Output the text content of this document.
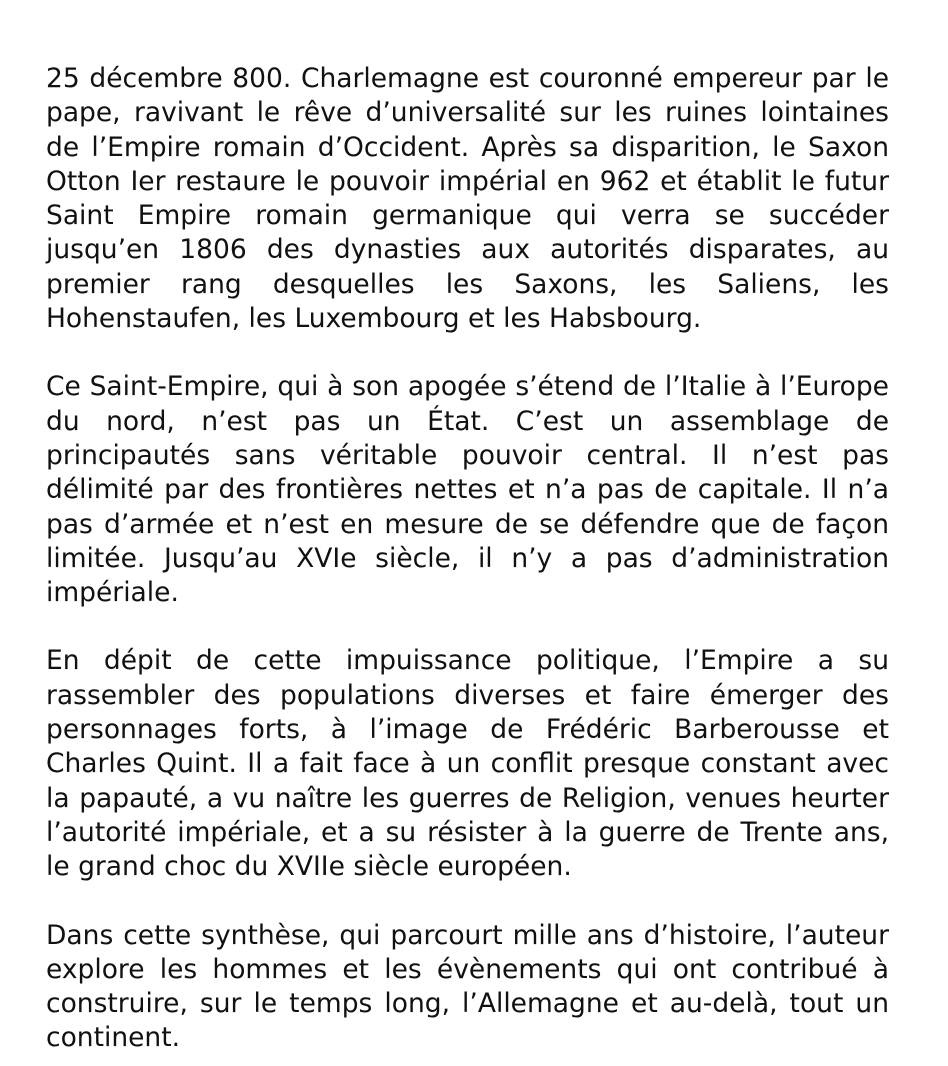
25 décembre 800. Charlemagne est couronné empereur par le pape, ravivant le rêve d’universalité sur les ruines lointaines de l’Empire romain d’Occident. Après sa disparition, le Saxon Otton Ier restaure le pouvoir impérial en 962 et établit le futur Saint Empire romain germanique qui verra se succéder jusqu’en 1806 des dynasties aux autorités disparates, au premier rang desquelles les Saxons, les Saliens, les Hohenstaufen, les Luxembourg et les Habsbourg.

Ce Saint-Empire, qui à son apogée s’étend de l’Italie à l’Europe du nord, n’est pas un État. C’est un assemblage de principautés sans véritable pouvoir central. Il n’est pas délimité par des frontières nettes et n’a pas de capitale. Il n’a pas d’armée et n’est en mesure de se défendre que de façon limitée. Jusqu’au XVIe siècle, il n’y a pas d’administration impériale.

En dépit de cette impuissance politique, l’Empire a su rassembler des populations diverses et faire émerger des personnages forts, à l’image de Frédéric Barberousse et Charles Quint. Il a fait face à un conflit presque constant avec la papauté, a vu naître les guerres de Religion, venues heurter l’autorité impériale, et a su résister à la guerre de Trente ans, le grand choc du XVIIe siècle européen.

Dans cette synthèse, qui parcourt mille ans d’histoire, l’auteur explore les hommes et les évènements qui ont contribué à construire, sur le temps long, l’Allemagne et au-delà, tout un continent.
